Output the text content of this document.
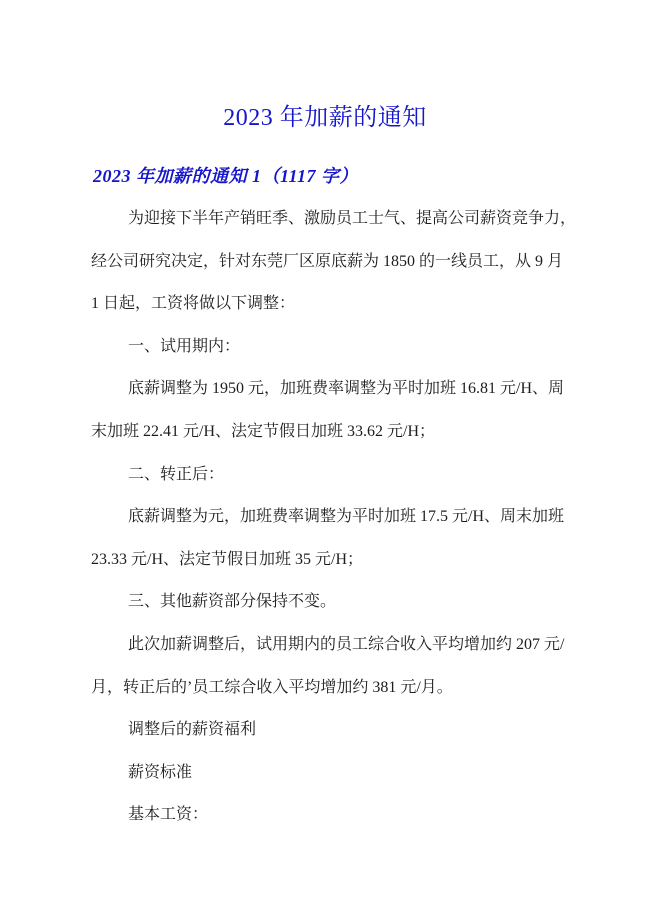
2023 年加薪的通知
2023 年加薪的通知 1（1117 字）
为迎接下半年产销旺季、激励员工士气、提高公司薪资竞争力，
经公司研究决定，针对东莞厂区原底薪为 1850 的一线员工，从 9 月
1 日起，工资将做以下调整：
一、试用期内：
底薪调整为 1950 元，加班费率调整为平时加班 16.81 元/H、周
末加班 22.41 元/H、法定节假日加班 33.62 元/H；
二、转正后：
底薪调整为元，加班费率调整为平时加班 17.5 元/H、周末加班
23.33 元/H、法定节假日加班 35 元/H；
三、其他薪资部分保持不变。
此次加薪调整后，试用期内的员工综合收入平均增加约 207 元/
月，转正后的’员工综合收入平均增加约 381 元/月。
调整后的薪资福利
薪资标准
基本工资：
